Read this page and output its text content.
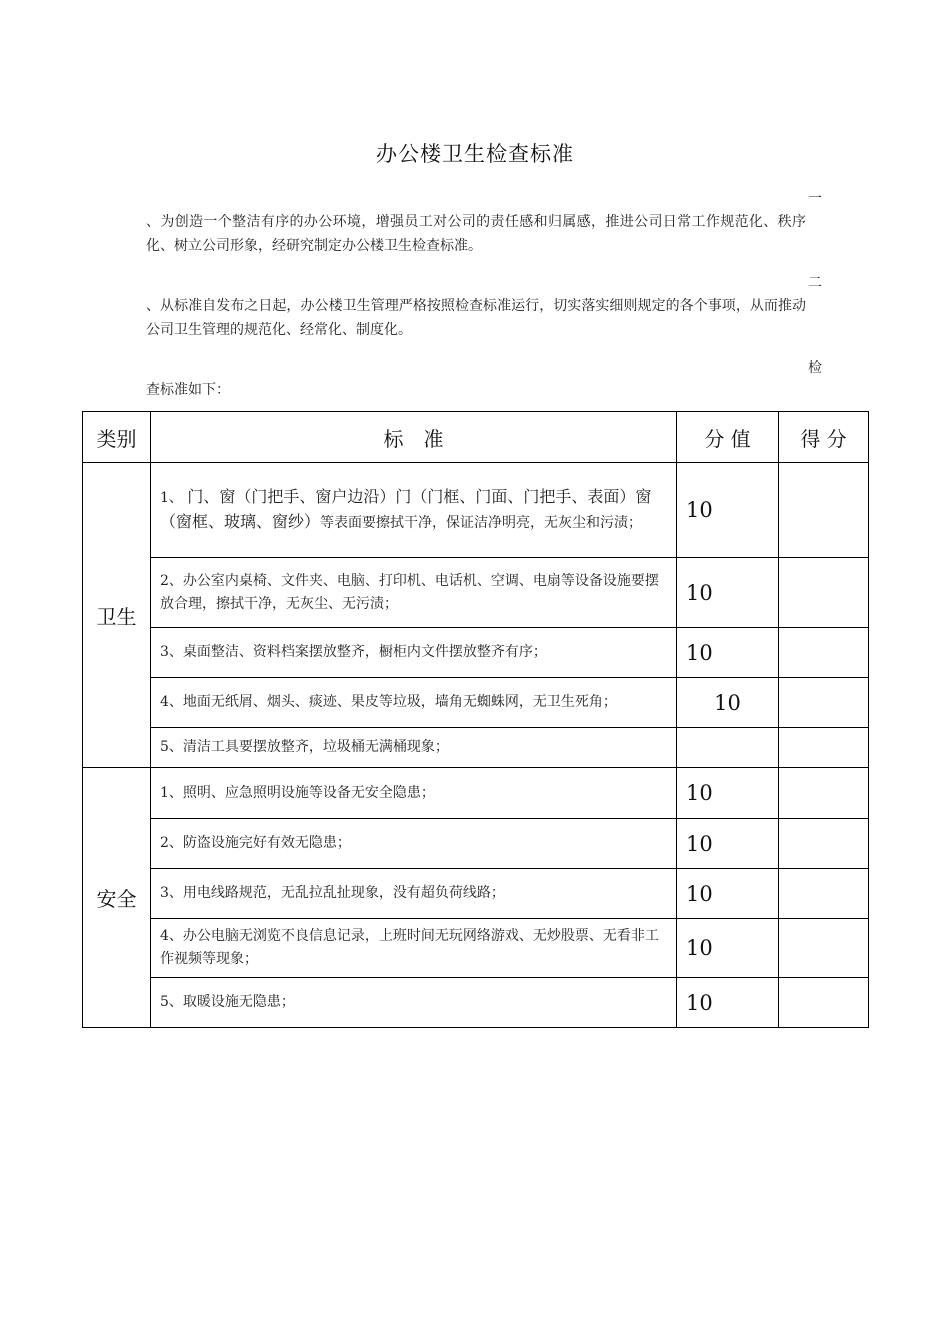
办公楼卫生检查标准
一
、为创造一个整洁有序的办公环境，增强员工对公司的责任感和归属感，推进公司日常工作规范化、秩序化、树立公司形象，经研究制定办公楼卫生检查标准。
二
、从标准自发布之日起，办公楼卫生管理严格按照检查标准运行，切实落实细则规定的各个事项，从而推动公司卫生管理的规范化、经常化、制度化。
检
查标准如下：
类别	标　准	分 值	得 分
卫生	1、 门、窗（门把手、窗户边沿）门（门框、门面、门把手、表面）窗（窗框、玻璃、窗纱）等表面要擦拭干净，保证洁净明亮，无灰尘和污渍；	10	
	2、办公室内桌椅、文件夹、电脑、打印机、电话机、空调、电扇等设备设施要摆放合理，擦拭干净，无灰尘、无污渍；	10	
	3、桌面整洁、资料档案摆放整齐，橱柜内文件摆放整齐有序；	10	
	4、地面无纸屑、烟头、痰迹、果皮等垃圾，墙角无蜘蛛网，无卫生死角；	10	
	5、清洁工具要摆放整齐，垃圾桶无满桶现象；		
安全	1、照明、应急照明设施等设备无安全隐患；	10	
	2、防盗设施完好有效无隐患；	10	
	3、用电线路规范，无乱拉乱扯现象，没有超负荷线路；	10	
	4、办公电脑无浏览不良信息记录，上班时间无玩网络游戏、无炒股票、无看非工作视频等现象；	10	
	5、取暖设施无隐患；	10	
